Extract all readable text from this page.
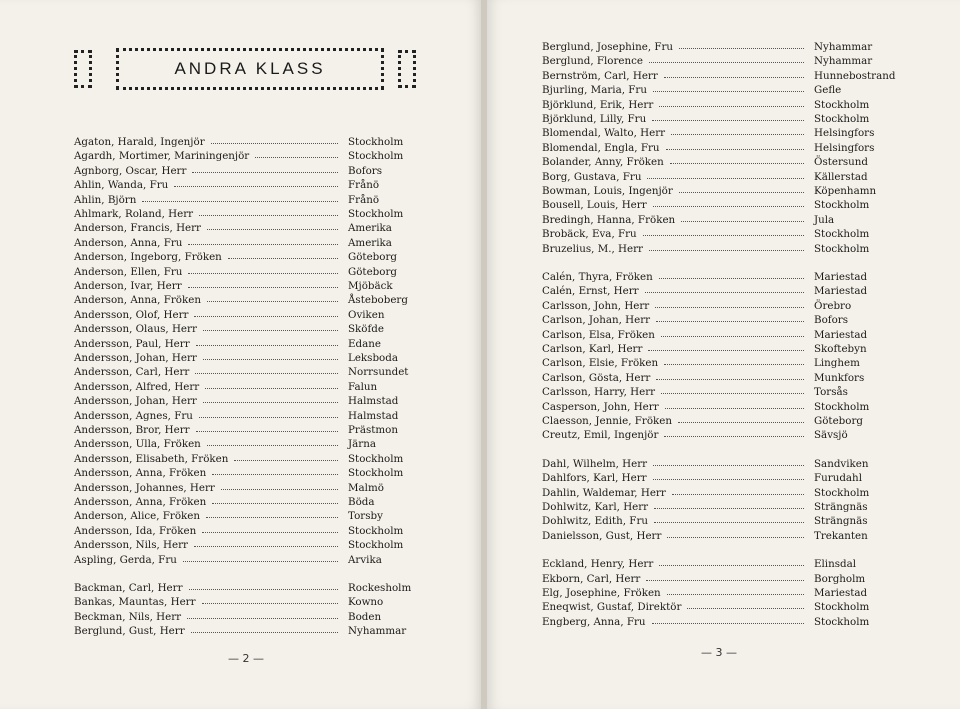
ANDRA KLASS
Agaton, Harald, Ingenjör	Stockholm
Agardh, Mortimer, Mariningenjör	Stockholm
Agnborg, Oscar, Herr	Bofors
Ahlin, Wanda, Fru	Frånö
Ahlin, Björn	Frånö
Ahlmark, Roland, Herr	Stockholm
Anderson, Francis, Herr	Amerika
Anderson, Anna, Fru	Amerika
Anderson, Ingeborg, Fröken	Göteborg
Anderson, Ellen, Fru	Göteborg
Anderson, Ivar, Herr	Mjöbäck
Anderson, Anna, Fröken	Åsteboberg
Andersson, Olof, Herr	Oviken
Andersson, Olaus, Herr	Sköfde
Andersson, Paul, Herr	Edane
Andersson, Johan, Herr	Leksboda
Andersson, Carl, Herr	Norrsundet
Andersson, Alfred, Herr	Falun
Andersson, Johan, Herr	Halmstad
Andersson, Agnes, Fru	Halmstad
Andersson, Bror, Herr	Prästmon
Andersson, Ulla, Fröken	Järna
Andersson, Elisabeth, Fröken	Stockholm
Andersson, Anna, Fröken	Stockholm
Andersson, Johannes, Herr	Malmö
Andersson, Anna, Fröken	Böda
Anderson, Alice, Fröken	Torsby
Andersson, Ida, Fröken	Stockholm
Andersson, Nils, Herr	Stockholm
Aspling, Gerda, Fru	Arvika
Backman, Carl, Herr	Rockesholm
Bankas, Mauntas, Herr	Kowno
Beckman, Nils, Herr	Boden
Berglund, Gust, Herr	Nyhammar
— 2 —
Berglund, Josephine, Fru	Nyhammar
Berglund, Florence	Nyhammar
Bernström, Carl, Herr	Hunnebostrand
Bjurling, Maria, Fru	Gefle
Björklund, Erik, Herr	Stockholm
Björklund, Lilly, Fru	Stockholm
Blomendal, Walto, Herr	Helsingfors
Blomendal, Engla, Fru	Helsingfors
Bolander, Anny, Fröken	Östersund
Borg, Gustava, Fru	Källerstad
Bowman, Louis, Ingenjör	Köpenhamn
Bousell, Louis, Herr	Stockholm
Bredingh, Hanna, Fröken	Jula
Brobäck, Eva, Fru	Stockholm
Bruzelius, M., Herr	Stockholm
Calén, Thyra, Fröken	Mariestad
Calén, Ernst, Herr	Mariestad
Carlsson, John, Herr	Örebro
Carlson, Johan, Herr	Bofors
Carlson, Elsa, Fröken	Mariestad
Carlson, Karl, Herr	Skoftebyn
Carlson, Elsie, Fröken	Linghem
Carlson, Gösta, Herr	Munkfors
Carlsson, Harry, Herr	Torsås
Casperson, John, Herr	Stockholm
Claesson, Jennie, Fröken	Göteborg
Creutz, Emil, Ingenjör	Sävsjö
Dahl, Wilhelm, Herr	Sandviken
Dahlfors, Karl, Herr	Furudahl
Dahlin, Waldemar, Herr	Stockholm
Dohlwitz, Karl, Herr	Strängnäs
Dohlwitz, Edith, Fru	Strängnäs
Danielsson, Gust, Herr	Trekanten
Eckland, Henry, Herr	Elinsdal
Ekborn, Carl, Herr	Borgholm
Elg, Josephine, Fröken	Mariestad
Eneqwist, Gustaf, Direktör	Stockholm
Engberg, Anna, Fru	Stockholm
— 3 —
